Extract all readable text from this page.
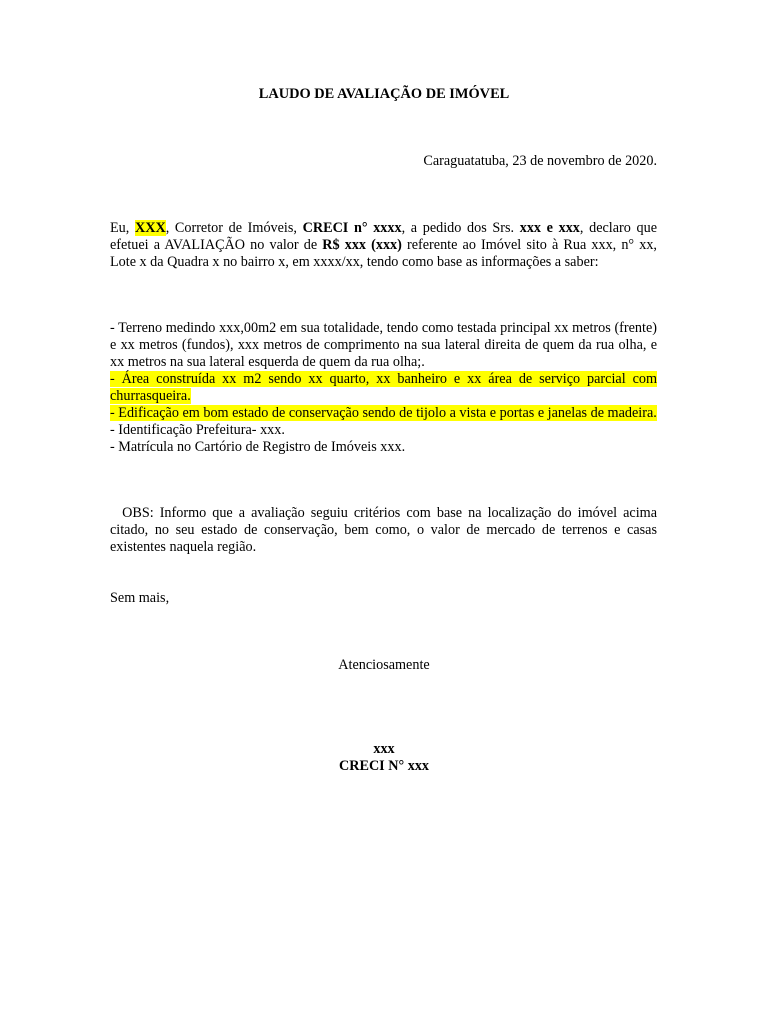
LAUDO DE AVALIAÇÃO DE IMÓVEL
Caraguatatuba, 23 de novembro de 2020.
Eu, XXX, Corretor de Imóveis, CRECI n° xxxx, a pedido dos Srs. xxx e xxx, declaro que efetuei a AVALIAÇÃO no valor de R$ xxx (xxx) referente ao Imóvel sito à Rua xxx, n° xx, Lote x da Quadra x no bairro x, em xxxx/xx, tendo como base as informações a saber:
- Terreno medindo xxx,00m2 em sua totalidade, tendo como testada principal xx metros (frente) e xx metros (fundos), xxx metros de comprimento na sua lateral direita de quem da rua olha, e xx metros na sua lateral esquerda de quem da rua olha;.
- Área construída xx m2 sendo xx quarto, xx banheiro e xx área de serviço parcial com churrasqueira.
- Edificação em bom estado de conservação sendo de tijolo a vista e portas e janelas de madeira.
- Identificação Prefeitura- xxx.
- Matrícula no Cartório de Registro de Imóveis xxx.
OBS: Informo que a avaliação seguiu critérios com base na localização do imóvel acima citado, no seu estado de conservação, bem como, o valor de mercado de terrenos e casas existentes naquela região.
Sem mais,
Atenciosamente
xxx
CRECI N° xxx
